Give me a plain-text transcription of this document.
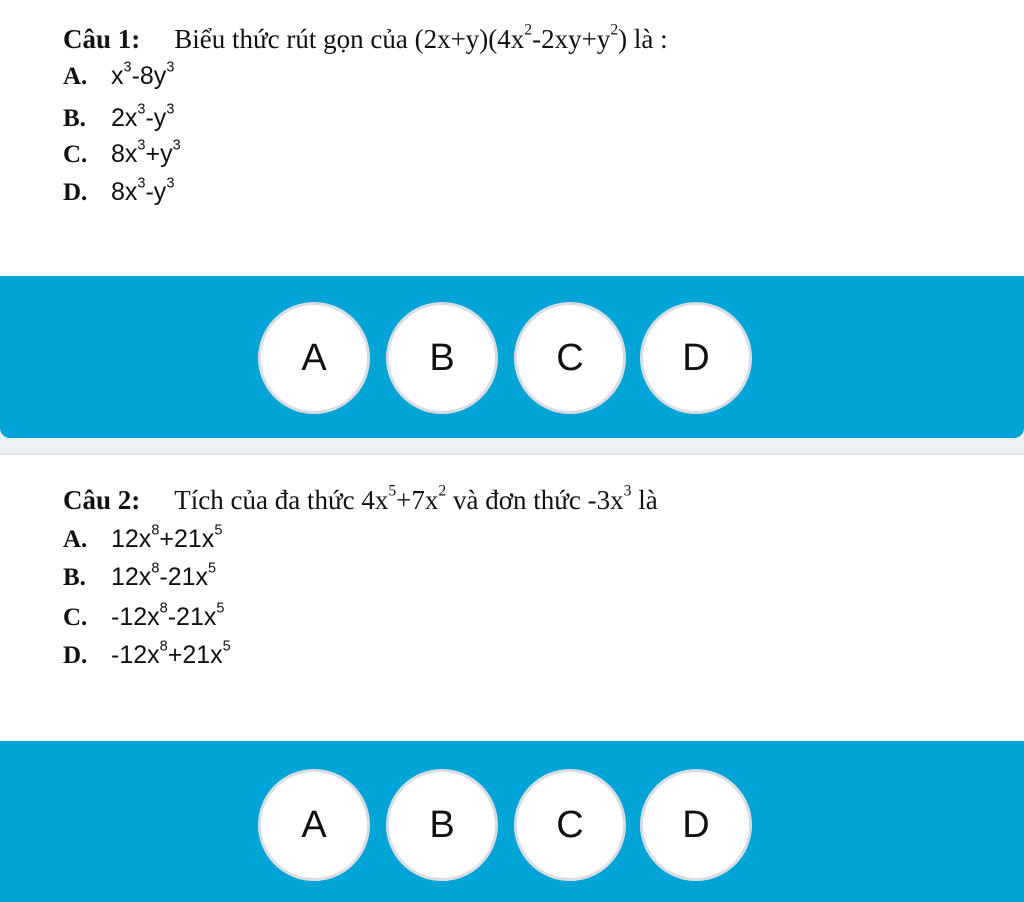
Câu 1: Biểu thức rút gọn của $(2x+y)(4x^2-2xy+y^2)$ là :
A. $x^3-8y^3$
B. $2x^3-y^3$
C. $8x^3+y^3$
D. $8x^3-y^3$
A	B	C	D
Câu 2: Tích của đa thức $4x^5+7x^2$ và đơn thức $-3x^3$ là
A. $12x^8+21x^5$
B. $12x^8-21x^5$
C. $-12x^8-21x^5$
D. $-12x^8+21x^5$
A	B	C	D
